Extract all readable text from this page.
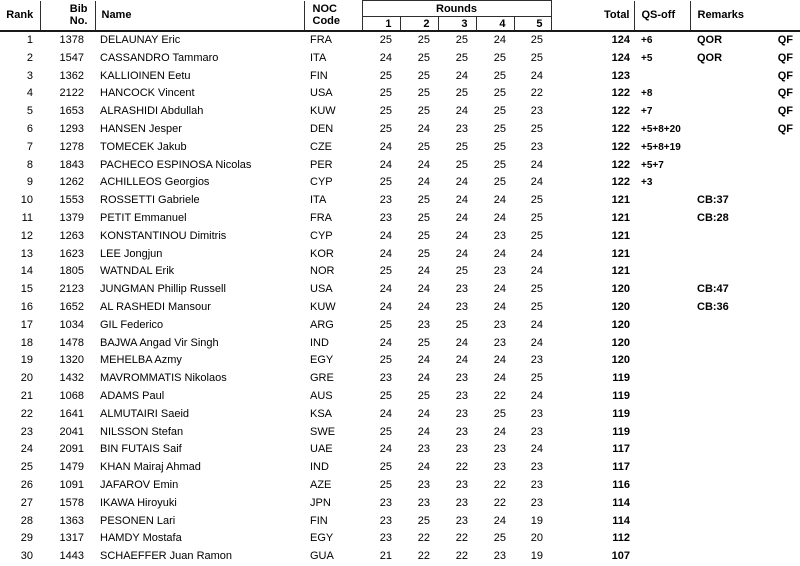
Rank	Bib
No.	Name	NOC
Code	Rounds					Total	QS-off	Remarks
				1	2	3	4	5			
1	1378	DELAUNAY Eric	FRA	25	25	25	24	25	124	+6	QOR QF

2	1547	CASSANDRO Tammaro	ITA	24	25	25	25	25	124	+5	QOR QF

3	1362	KALLIOINEN Eetu	FIN	25	25	24	25	24	123		QF

4	2122	HANCOCK Vincent	USA	25	25	25	25	22	122	+8	QF

5	1653	ALRASHIDI Abdullah	KUW	25	25	24	25	23	122	+7	QF

6	1293	HANSEN Jesper	DEN	25	24	23	25	25	122	+5+8+20	QF

7	1278	TOMECEK Jakub	CZE	24	25	25	25	23	122	+5+8+19	

8	1843	PACHECO ESPINOSA Nicolas	PER	24	24	25	25	24	122	+5+7	

9	1262	ACHILLEOS Georgios	CYP	25	24	24	25	24	122	+3	

10	1553	ROSSETTI Gabriele	ITA	23	25	24	24	25	121		CB:37

11	1379	PETIT Emmanuel	FRA	23	25	24	24	25	121		CB:28

12	1263	KONSTANTINOU Dimitris	CYP	24	25	24	23	25	121		

13	1623	LEE Jongjun	KOR	24	25	24	24	24	121		

14	1805	WATNDAL Erik	NOR	25	24	25	23	24	121		

15	2123	JUNGMAN Phillip Russell	USA	24	24	23	24	25	120		CB:47

16	1652	AL RASHEDI Mansour	KUW	24	24	23	24	25	120		CB:36

17	1034	GIL Federico	ARG	25	23	25	23	24	120		

18	1478	BAJWA Angad Vir Singh	IND	24	25	24	23	24	120		

19	1320	MEHELBA Azmy	EGY	25	24	24	24	23	120		

20	1432	MAVROMMATIS Nikolaos	GRE	23	24	23	24	25	119		

21	1068	ADAMS Paul	AUS	25	25	23	22	24	119		

22	1641	ALMUTAIRI Saeid	KSA	24	24	23	25	23	119		

23	2041	NILSSON Stefan	SWE	25	24	23	24	23	119		

24	2091	BIN FUTAIS Saif	UAE	24	23	23	23	24	117		

25	1479	KHAN Mairaj Ahmad	IND	25	24	22	23	23	117		

26	1091	JAFAROV Emin	AZE	25	23	23	22	23	116		

27	1578	IKAWA Hiroyuki	JPN	23	23	23	22	23	114		

28	1363	PESONEN Lari	FIN	23	25	23	24	19	114		

29	1317	HAMDY Mostafa	EGY	23	22	22	25	20	112		

30	1443	SCHAEFFER Juan Ramon	GUA	21	22	22	23	19	107		
